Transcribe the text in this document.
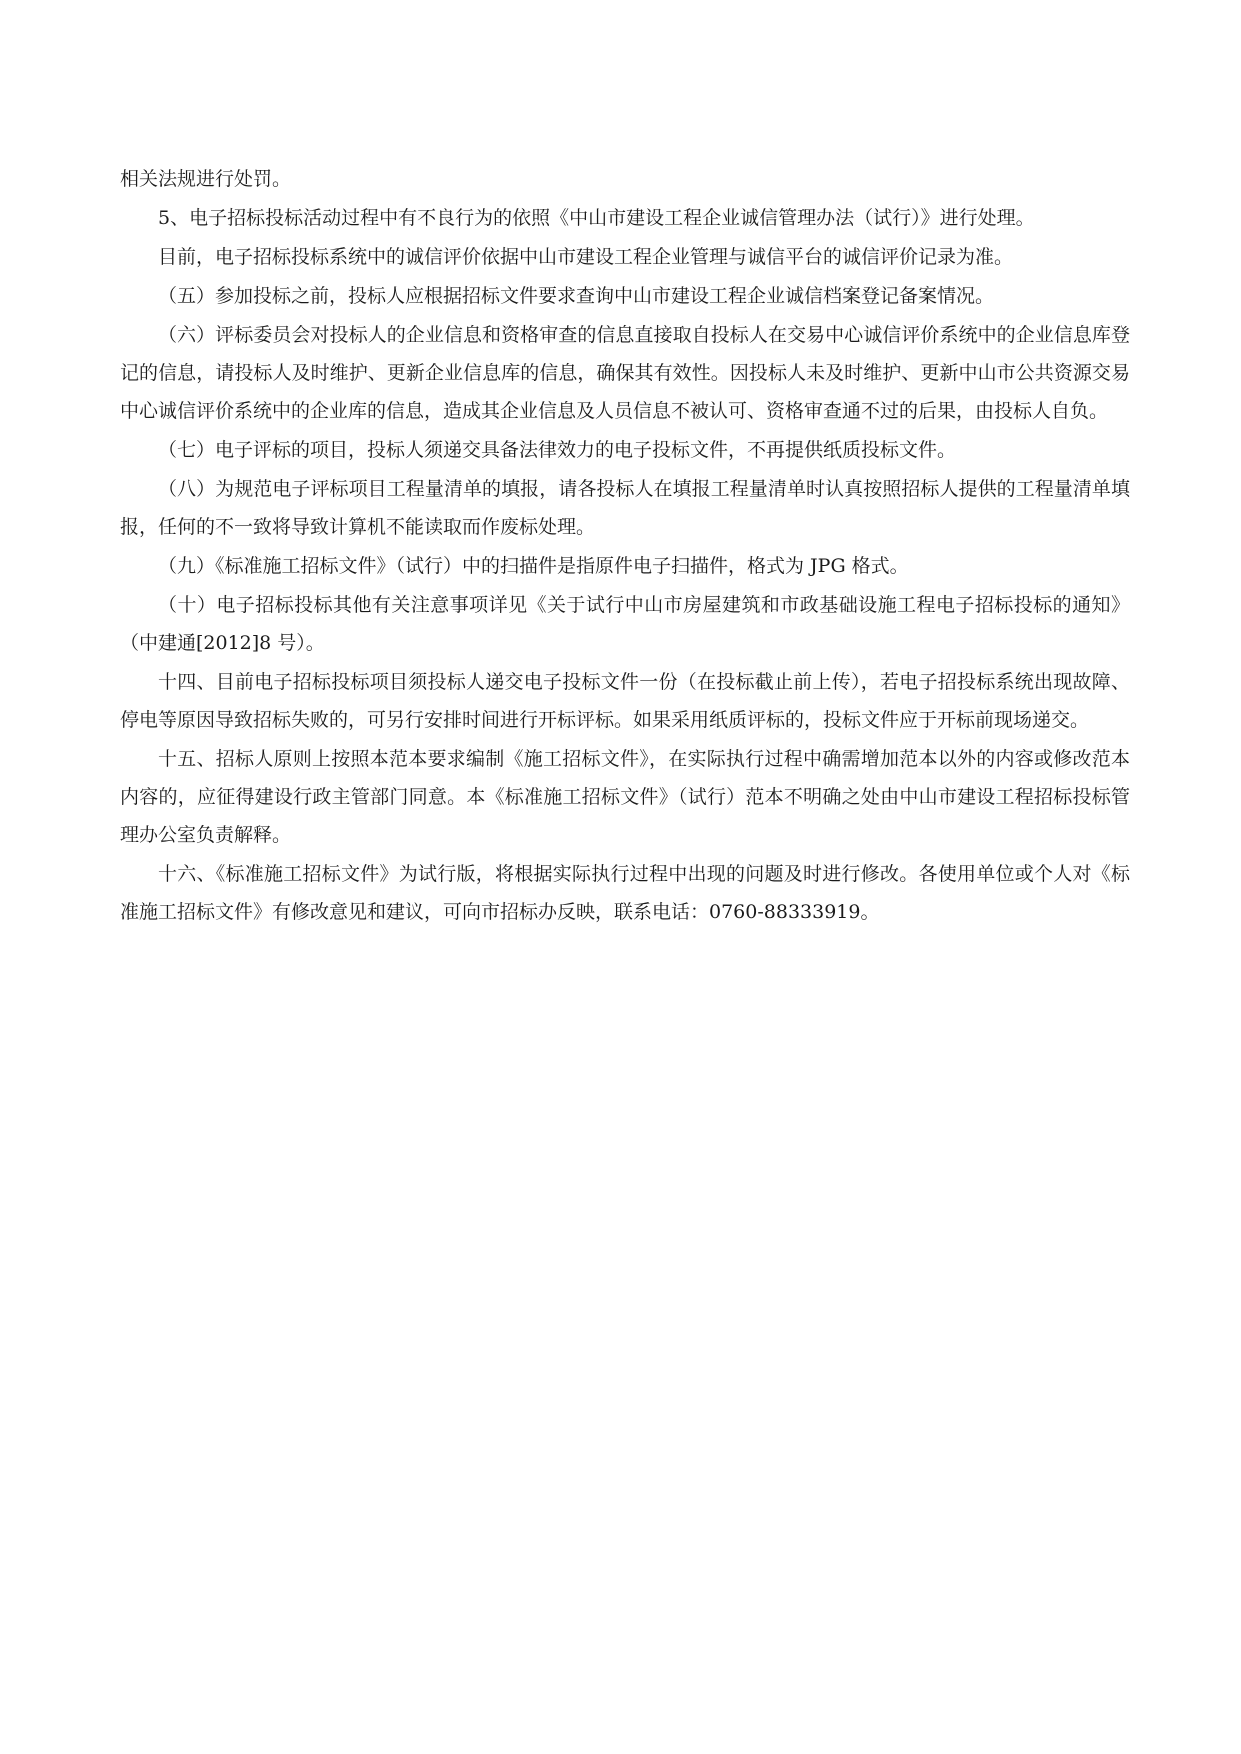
相关法规进行处罚。

5、电子招标投标活动过程中有不良行为的依照《中山市建设工程企业诚信管理办法（试行）》进行处理。

目前，电子招标投标系统中的诚信评价依据中山市建设工程企业管理与诚信平台的诚信评价记录为准。

（五）参加投标之前，投标人应根据招标文件要求查询中山市建设工程企业诚信档案登记备案情况。

（六）评标委员会对投标人的企业信息和资格审查的信息直接取自投标人在交易中心诚信评价系统中的企业信息库登记的信息，请投标人及时维护、更新企业信息库的信息，确保其有效性。因投标人未及时维护、更新中山市公共资源交易中心诚信评价系统中的企业库的信息，造成其企业信息及人员信息不被认可、资格审查通不过的后果，由投标人自负。

（七）电子评标的项目，投标人须递交具备法律效力的电子投标文件，不再提供纸质投标文件。

（八）为规范电子评标项目工程量清单的填报，请各投标人在填报工程量清单时认真按照招标人提供的工程量清单填报，任何的不一致将导致计算机不能读取而作废标处理。

（九）《标准施工招标文件》（试行）中的扫描件是指原件电子扫描件，格式为 JPG 格式。

（十）电子招标投标其他有关注意事项详见《关于试行中山市房屋建筑和市政基础设施工程电子招标投标的通知》（中建通[2012]8 号）。

十四、目前电子招标投标项目须投标人递交电子投标文件一份（在投标截止前上传），若电子招投标系统出现故障、停电等原因导致招标失败的，可另行安排时间进行开标评标。如果采用纸质评标的，投标文件应于开标前现场递交。

十五、招标人原则上按照本范本要求编制《施工招标文件》，在实际执行过程中确需增加范本以外的内容或修改范本内容的，应征得建设行政主管部门同意。本《标准施工招标文件》（试行）范本不明确之处由中山市建设工程招标投标管理办公室负责解释。

十六、《标准施工招标文件》为试行版，将根据实际执行过程中出现的问题及时进行修改。各使用单位或个人对《标准施工招标文件》有修改意见和建议，可向市招标办反映，联系电话：0760-88333919。
